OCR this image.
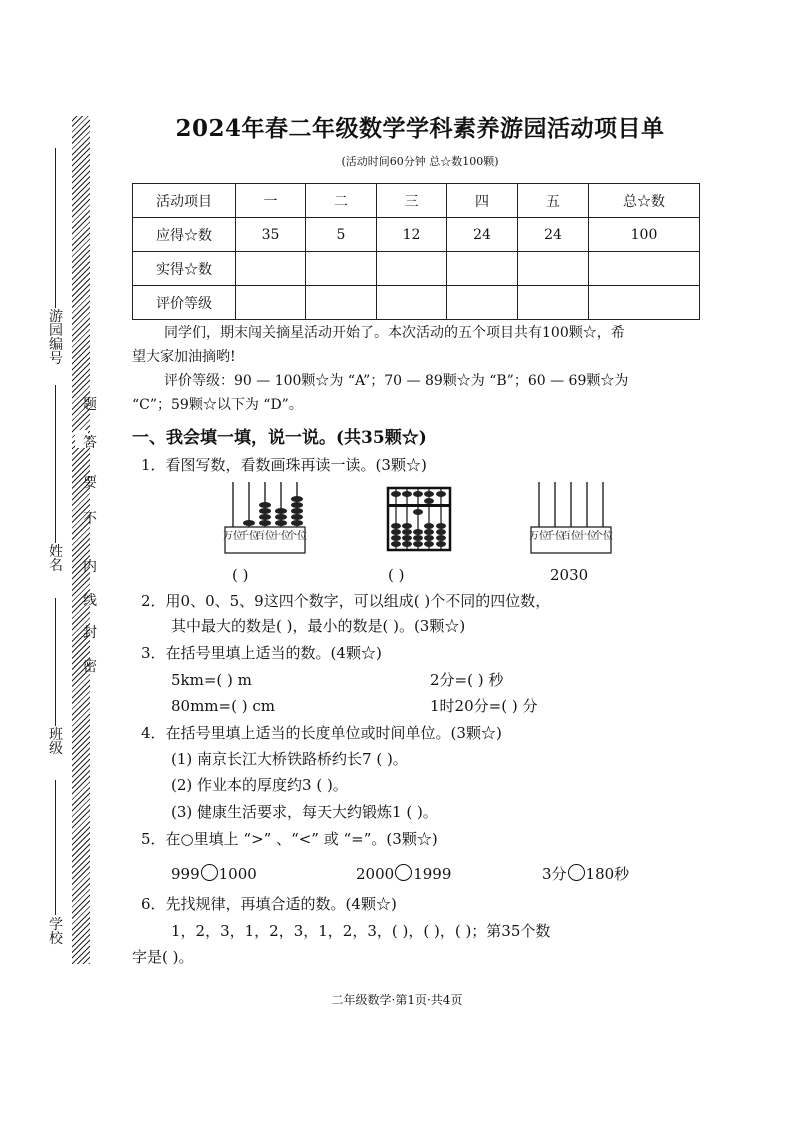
学校
班级
姓名
游园编号
密
封
线
内
不
要
答
题
2024年春二年级数学学科素养游园活动项目单
(活动时间60分钟 总☆数100颗)
活动项目	一	二	三	四	五	总☆数
应得☆数	35	5	12	24	24	100
实得☆数						
评价等级						
同学们，期末闯关摘星活动开始了。本次活动的五个项目共有100颗☆，希
望大家加油摘哟!
评价等级：90 — 100颗☆为 “A”；70 — 89颗☆为 “B”；60 — 69颗☆为
“C”；59颗☆以下为 “D”。
一、我会填一填，说一说。(共35颗☆)
1．看图写数，看数画珠再读一读。(3颗☆)
万位
千位
百位
十位
个位	万位
千位
百位
十位
个位
( )	( )	2030
2．用0、0、5、9这四个数字，可以组成( )个不同的四位数，
其中最大的数是( )，最小的数是( )。(3颗☆)
3．在括号里填上适当的数。(4颗☆)
5km=( ) m	2分=( ) 秒
80mm=( ) cm	1时20分=( ) 分
4．在括号里填上适当的长度单位或时间单位。(3颗☆)
(1) 南京长江大桥铁路桥约长7 ( )。
(2) 作业本的厚度约3 ( )。
(3) 健康生活要求，每天大约锻炼1 ( )。
5．在○里填上 “>” 、“<” 或 “=”。(3颗☆)
999 1000	2000 1999	3分 180秒
6．先找规律，再填合适的数。(4颗☆)
1，2，3，1，2，3，1，2，3，( )，( )，( )；第35个数
字是( )。
二年级数学·第1页·共4页
